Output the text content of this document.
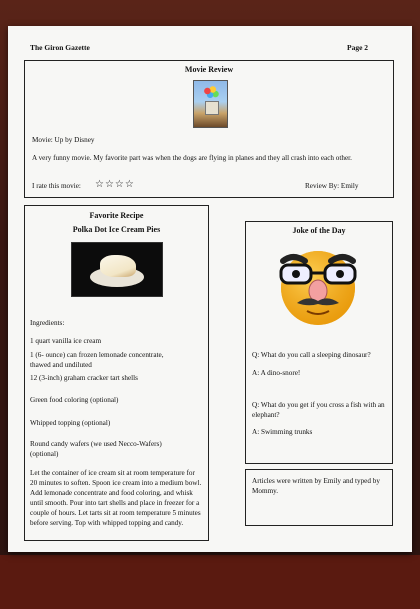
The Giron Gazette	Page 2
Movie Review
Movie: Up by Disney
A very funny movie. My favorite part was when the dogs are flying in planes and they all crash into each other.
I rate this movie: ☆☆☆☆	Review By: Emily
Favorite Recipe
Polka Dot Ice Cream Pies
Ingredients:
1 quart vanilla ice cream
1 (6- ounce) can frozen lemonade concentrate, thawed and undiluted
12 (3-inch) graham cracker tart shells
Green food coloring (optional)
Whipped topping (optional)
Round candy wafers (we used Necco-Wafers) (optional)
Let the container of ice cream sit at room temperature for 20 minutes to soften. Spoon ice cream into a medium bowl. Add lemonade concentrate and food coloring, and whisk until smooth. Pour into tart shells and place in freezer for a couple of hours. Let tarts sit at room temperature 5 minutes before serving. Top with whipped topping and candy.
Joke of the Day
Q: What do you call a sleeping dinosaur?
A: A dino-snore!
Q: What do you get if you cross a fish with an elephant?
A: Swimming trunks
Articles were written by Emily and typed by Mommy.
